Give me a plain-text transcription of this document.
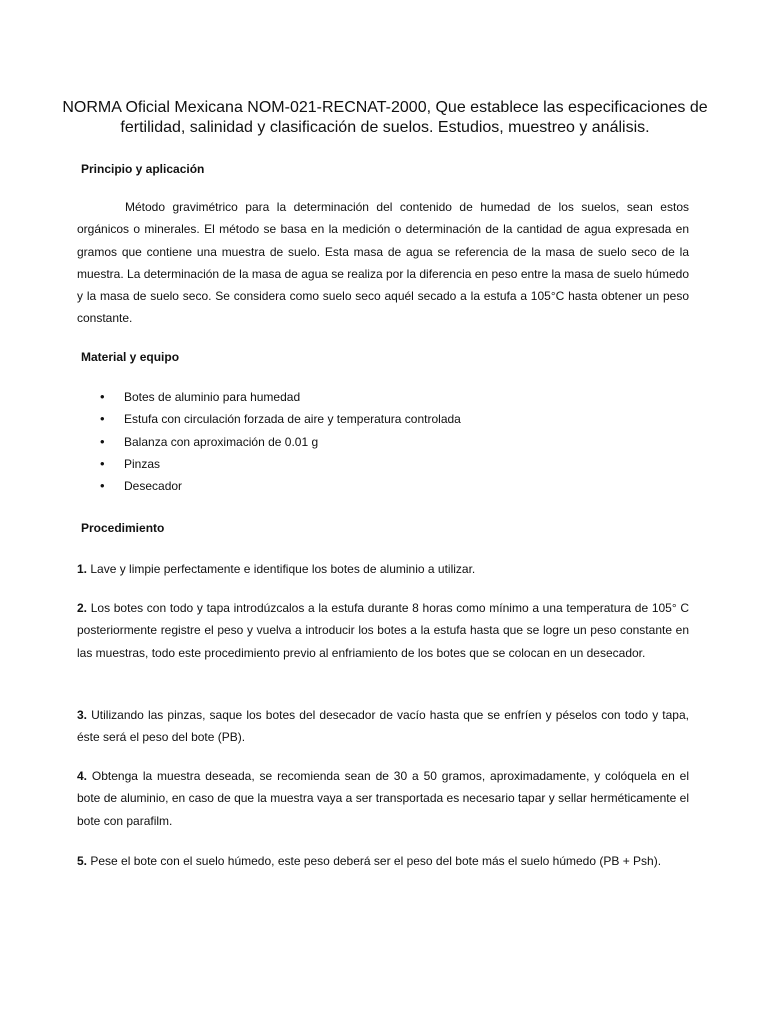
NORMA Oficial Mexicana NOM-021-RECNAT-2000, Que establece las especificaciones de fertilidad, salinidad y clasificación de suelos. Estudios, muestreo y análisis.
Principio y aplicación

Método gravimétrico para la determinación del contenido de humedad de los suelos, sean estos orgánicos o minerales. El método se basa en la medición o determinación de la cantidad de agua expresada en gramos que contiene una muestra de suelo. Esta masa de agua se referencia de la masa de suelo seco de la muestra. La determinación de la masa de agua se realiza por la diferencia en peso entre la masa de suelo húmedo y la masa de suelo seco. Se considera como suelo seco aquél secado a la estufa a 105°C hasta obtener un peso constante.

Material y equipo
• Botes de aluminio para humedad
• Estufa con circulación forzada de aire y temperatura controlada
• Balanza con aproximación de 0.01 g
• Pinzas
• Desecador
Procedimiento

1. Lave y limpie perfectamente e identifique los botes de aluminio a utilizar.

2. Los botes con todo y tapa introdúzcalos a la estufa durante 8 horas como mínimo a una temperatura de 105° C posteriormente registre el peso y vuelva a introducir los botes a la estufa hasta que se logre un peso constante en las muestras, todo este procedimiento previo al enfriamiento de los botes que se colocan en un desecador.

3. Utilizando las pinzas, saque los botes del desecador de vacío hasta que se enfríen y péselos con todo y tapa, éste será el peso del bote (PB).

4. Obtenga la muestra deseada, se recomienda sean de 30 a 50 gramos, aproximadamente, y colóquela en el bote de aluminio, en caso de que la muestra vaya a ser transportada es necesario tapar y sellar herméticamente el bote con parafilm.

5. Pese el bote con el suelo húmedo, este peso deberá ser el peso del bote más el suelo húmedo (PB + Psh).
